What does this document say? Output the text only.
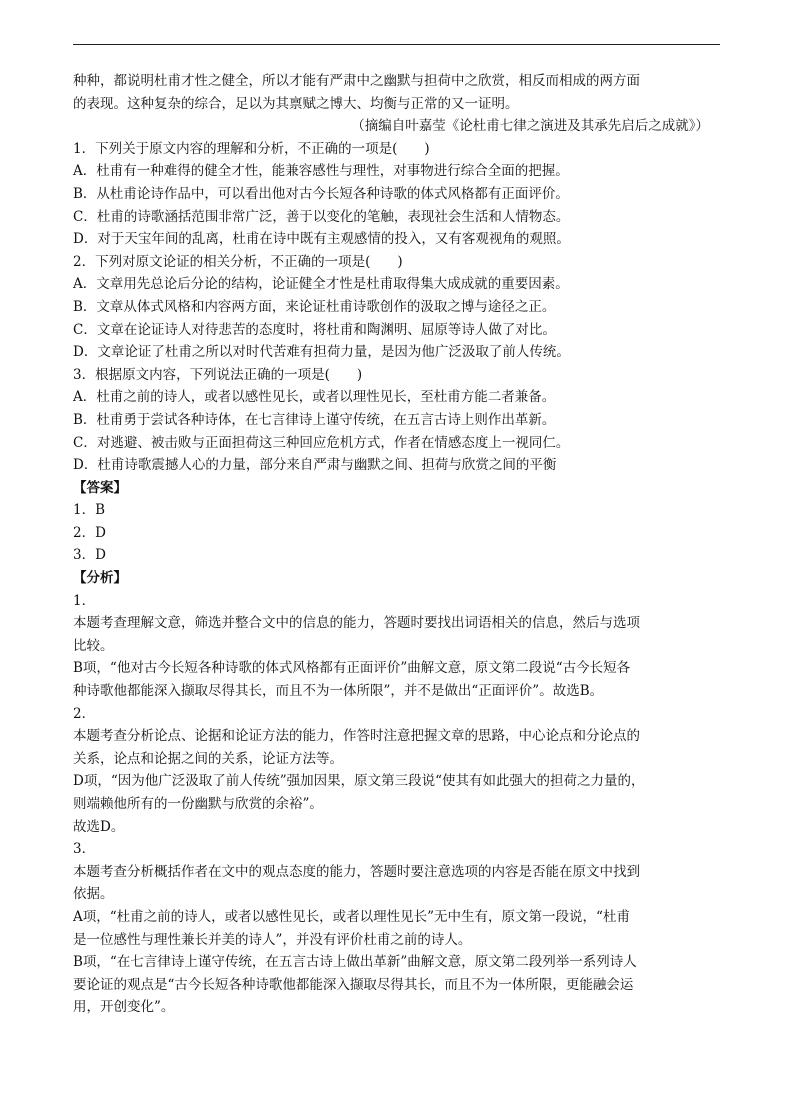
种种，都说明杜甫才性之健全，所以才能有严肃中之幽默与担荷中之欣赏，相反而相成的两方面
的表现。这种复杂的综合，足以为其禀赋之博大、均衡与正常的又一证明。
（摘编自叶嘉莹《论杜甫七律之演进及其承先启后之成就》）
1．下列关于原文内容的理解和分析，不正确的一项是(　　)
A．杜甫有一种难得的健全才性，能兼容感性与理性，对事物进行综合全面的把握。
B．从杜甫论诗作品中，可以看出他对古今长短各种诗歌的体式风格都有正面评价。
C．杜甫的诗歌涵括范围非常广泛，善于以变化的笔触，表现社会生活和人情物态。
D．对于天宝年间的乱离，杜甫在诗中既有主观感情的投入，又有客观视角的观照。
2．下列对原文论证的相关分析，不正确的一项是(　　)
A．文章用先总论后分论的结构，论证健全才性是杜甫取得集大成成就的重要因素。
B．文章从体式风格和内容两方面，来论证杜甫诗歌创作的汲取之博与途径之正。
C．文章在论证诗人对待悲苦的态度时，将杜甫和陶渊明、屈原等诗人做了对比。
D．文章论证了杜甫之所以对时代苦难有担荷力量，是因为他广泛汲取了前人传统。
3．根据原文内容，下列说法正确的一项是(　　)
A．杜甫之前的诗人，或者以感性见长，或者以理性见长，至杜甫方能二者兼备。
B．杜甫勇于尝试各种诗体，在七言律诗上谨守传统，在五言古诗上则作出革新。
C．对逃避、被击败与正面担荷这三种回应危机方式，作者在情感态度上一视同仁。
D．杜甫诗歌震撼人心的力量，部分来自严肃与幽默之间、担荷与欣赏之间的平衡
【答案】
1．B
2．D
3．D
【分析】
1．
本题考查理解文意，筛选并整合文中的信息的能力，答题时要找出词语相关的信息，然后与选项
比较。
B项，“他对古今长短各种诗歌的体式风格都有正面评价”曲解文意，原文第二段说“古今长短各
种诗歌他都能深入撷取尽得其长，而且不为一体所限”，并不是做出“正面评价”。故选B。
2．
本题考查分析论点、论据和论证方法的能力，作答时注意把握文章的思路，中心论点和分论点的
关系，论点和论据之间的关系，论证方法等。
D项，“因为他广泛汲取了前人传统”强加因果，原文第三段说“使其有如此强大的担荷之力量的，
则端赖他所有的一份幽默与欣赏的余裕”。
故选D。
3．
本题考查分析概括作者在文中的观点态度的能力，答题时要注意选项的内容是否能在原文中找到
依据。
A项，“杜甫之前的诗人，或者以感性见长，或者以理性见长”无中生有，原文第一段说，“杜甫
是一位感性与理性兼长并美的诗人”，并没有评价杜甫之前的诗人。
B项，“在七言律诗上谨守传统，在五言古诗上做出革新”曲解文意，原文第二段列举一系列诗人
要论证的观点是“古今长短各种诗歌他都能深入撷取尽得其长，而且不为一体所限，更能融会运
用，开创变化”。
